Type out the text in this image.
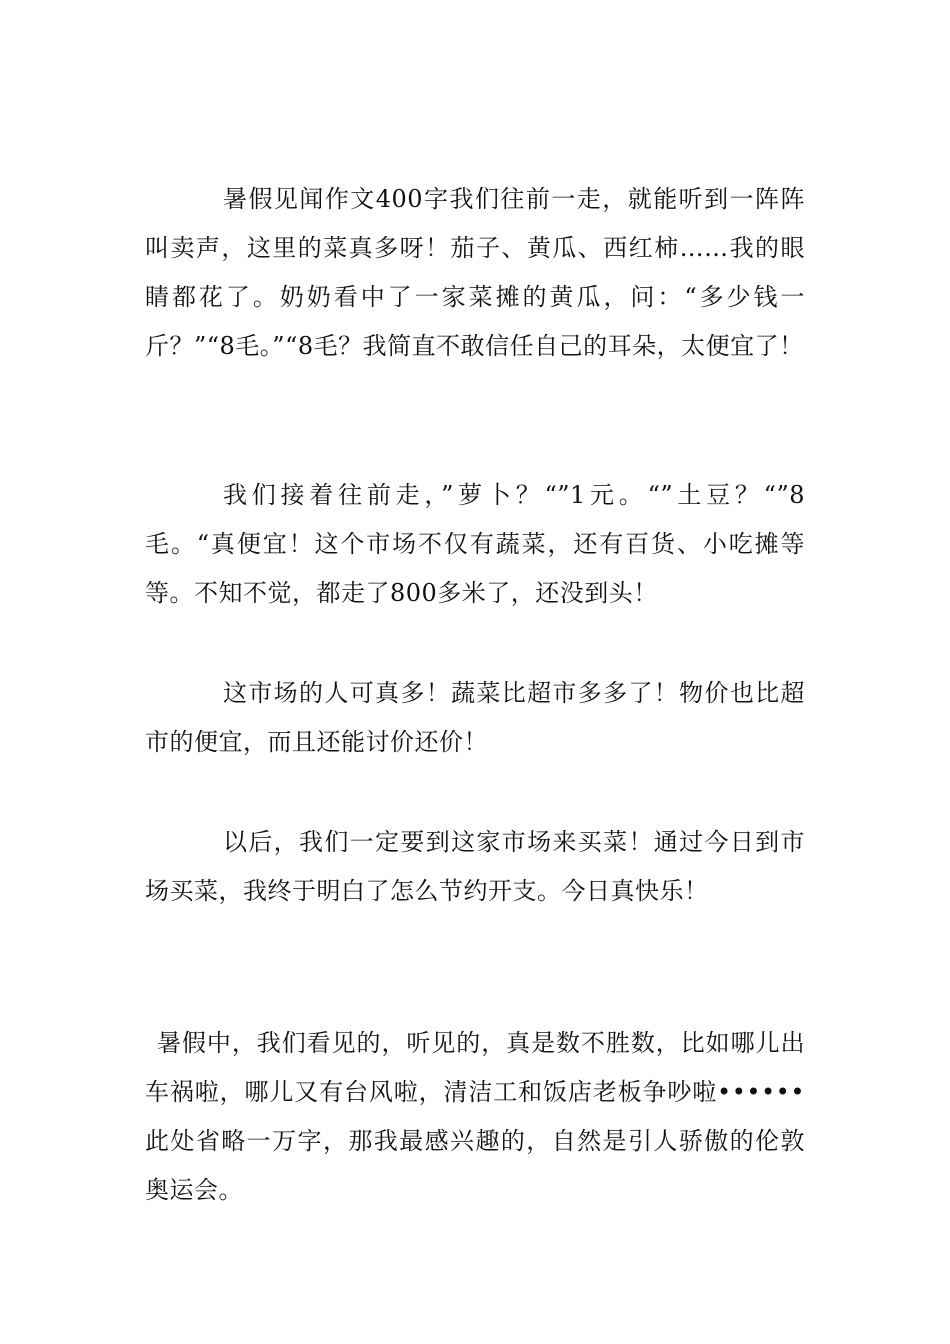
暑假见闻作文400字我们往前一走，就能听到一阵阵叫卖声，这里的菜真多呀！茄子、黄瓜、西红柿……我的眼睛都花了。奶奶看中了一家菜摊的黄瓜，问：“多少钱一斤？”“8毛。”“8毛？我简直不敢信任自己的耳朵，太便宜了！

我们接着往前走，”萝卜？“”1元。“”土豆？“”8毛。“真便宜！这个市场不仅有蔬菜，还有百货、小吃摊等等。不知不觉，都走了800多米了，还没到头！

这市场的人可真多！蔬菜比超市多多了！物价也比超市的便宜，而且还能讨价还价！

以后，我们一定要到这家市场来买菜！通过今日到市场买菜，我终于明白了怎么节约开支。今日真快乐！

暑假中，我们看见的，听见的，真是数不胜数，比如哪儿出车祸啦，哪儿又有台风啦，清洁工和饭店老板争吵啦••••••此处省略一万字，那我最感兴趣的，自然是引人骄傲的伦敦奥运会。
